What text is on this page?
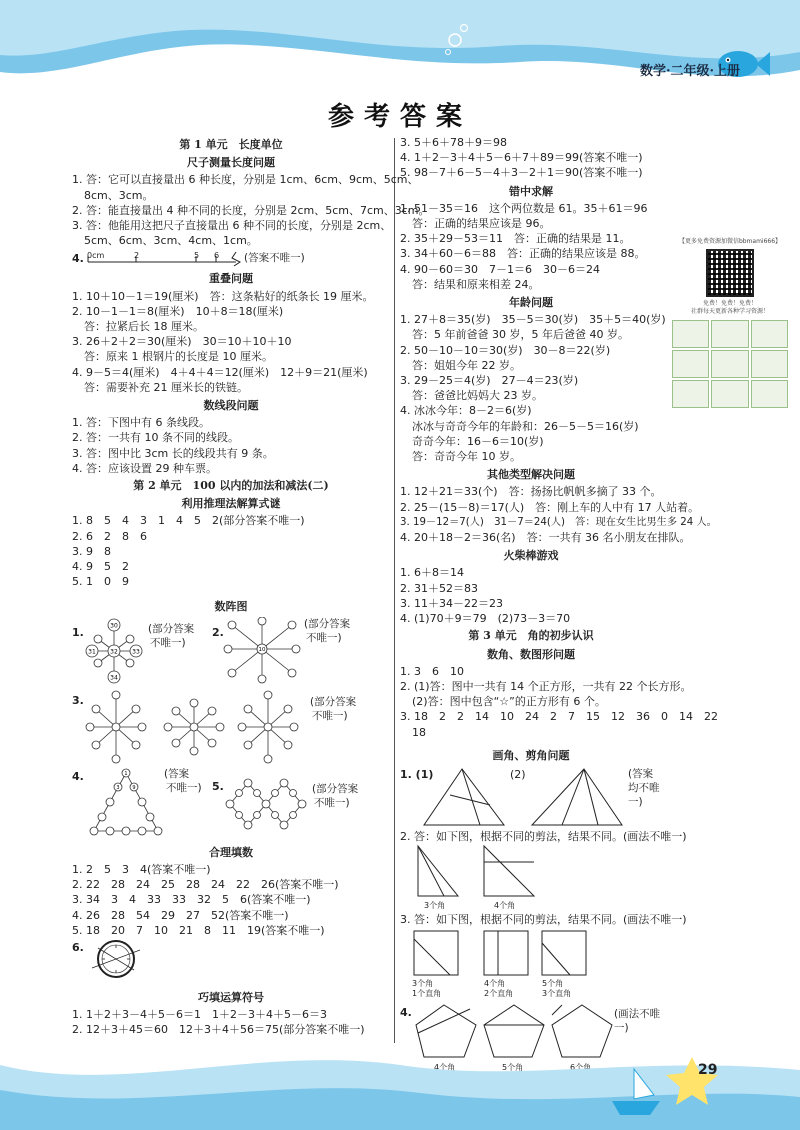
数学·二年级·上册
参考答案
第 1 单元　长度单位
尺子测量长度问题
1. 答：它可以直接量出 6 种长度，分别是 1cm、6cm、9cm、5cm、
8cm、3cm。
2. 答：能直接量出 4 种不同的长度，分别是 2cm、5cm、7cm、3cm。
3. 答：他能用这把尺子直接量出 6 种不同的长度，分别是 2cm、
5cm、6cm、3cm、4cm、1cm。
4. 0cm	2	5 6 (答案不唯一)
重叠问题
1. 10＋10－1＝19(厘米)　答：这条粘好的纸条长 19 厘米。
2. 10－1－1＝8(厘米)　10＋8＝18(厘米)
答：拉紧后长 18 厘米。
3. 26＋2＋2＝30(厘米)　30＝10＋10＋10
答：原来 1 根钢片的长度是 10 厘米。
4. 9－5＝4(厘米)　4＋4＋4＝12(厘米)　12＋9＝21(厘米)
答：需要补充 21 厘米长的铁链。
数线段问题
1. 答：下图中有 6 条线段。
2. 答：一共有 10 条不同的线段。
3. 答：图中比 3cm 长的线段共有 9 条。
4. 答：应该设置 29 种车票。
第 2 单元　100 以内的加法和减法(二)
利用推理法解算式谜
1. 8　5　4　3　1　4　5　2(部分答案不唯一)
2. 6　2　8　6
3. 9　8
4. 9　5　2
5. 1　0　9
数阵图
1.	30
31 32 33
34
(部分答案
不唯一)
2.
10
(部分答案
不唯一)
3.	(部分答案
不唯一)
4.	1
3	9
(答案
不唯一) 5.	(部分答案
不唯一)
合理填数
1. 2　5　3　4(答案不唯一)
2. 22　28　24　25　28　24　22　26(答案不唯一)
3. 34　3　4　33　33　32　5　6(答案不唯一)
4. 26　28　54　29　27　52(答案不唯一)
5. 18　20　7　10　21　8　11　19(答案不唯一)
6.
巧填运算符号
1. 1＋2＋3－4＋5－6＝1　1＋2－3＋4＋5－6＝3
2. 12＋3＋45＝60　12＋3＋4＋56＝75(部分答案不唯一)
3. 5＋6＋78＋9＝98
4. 1＋2－3＋4＋5－6＋7＋89＝99(答案不唯一)
5. 98－7＋6－5－4＋3－2＋1＝90(答案不唯一)
错中求解
1. 51－35＝16　这个两位数是 61。35＋61＝96
答：正确的结果应该是 96。
2. 35＋29－53＝11　答：正确的结果是 11。
3. 34＋60－6＝88　答：正确的结果应该是 88。
4. 90－60＝30　7－1＝6　30－6＝24
答：结果和原来相差 24。
年龄问题
1. 27＋8＝35(岁)　35－5＝30(岁)　35＋5＝40(岁)
答：5 年前爸爸 30 岁，5 年后爸爸 40 岁。
2. 50－10－10＝30(岁)　30－8＝22(岁)
答：姐姐今年 22 岁。
3. 29－25＝4(岁)　27－4＝23(岁)
答：爸爸比妈妈大 23 岁。
4. 冰冰今年：8－2＝6(岁)
冰冰与奇奇今年的年龄和：26－5－5＝16(岁)
奇奇今年：16－6＝10(岁)
答：奇奇今年 10 岁。
其他类型解决问题
1. 12＋21＝33(个)　答：扬扬比帆帆多摘了 33 个。
2. 25－(15－8)＝17(人)　答：刚上车的人中有 17 人站着。
3. 19－12＝7(人)　31－7＝24(人)　答：现在女生比男生多 24 人。
4. 20＋18－2＝36(名)　答：一共有 36 名小朋友在排队。
火柴棒游戏
1. 6＋8＝14
2. 31＋52＝83
3. 11＋34－22＝23
4. (1)70＋9＝79　(2)73－3＝70
第 3 单元　角的初步认识
数角、数图形问题
1. 3　6　10
2. (1)答：图中一共有 14 个正方形，一共有 22 个长方形。
(2)答：图中包含“☆”的正方形有 6 个。
3. 18　2　2　14　10　24　2　7　15　12　36　0　14　22
18
画角、剪角问题
1. (1)	(2)	(答案均不唯一)
2. 答：如下图，根据不同的剪法，结果不同。(画法不唯一)
3个角	4个角
3. 答：如下图，根据不同的剪法，结果不同。(画法不唯一)
3个角
1个直角
4个角
2个直角
5个角
3个直角
4.
4个角	5个角	6个角
(画法不唯一)
【更多免费资源加微信bbmami666】
免费！免费！免费！
社群每天更新各种学习资源！
29
